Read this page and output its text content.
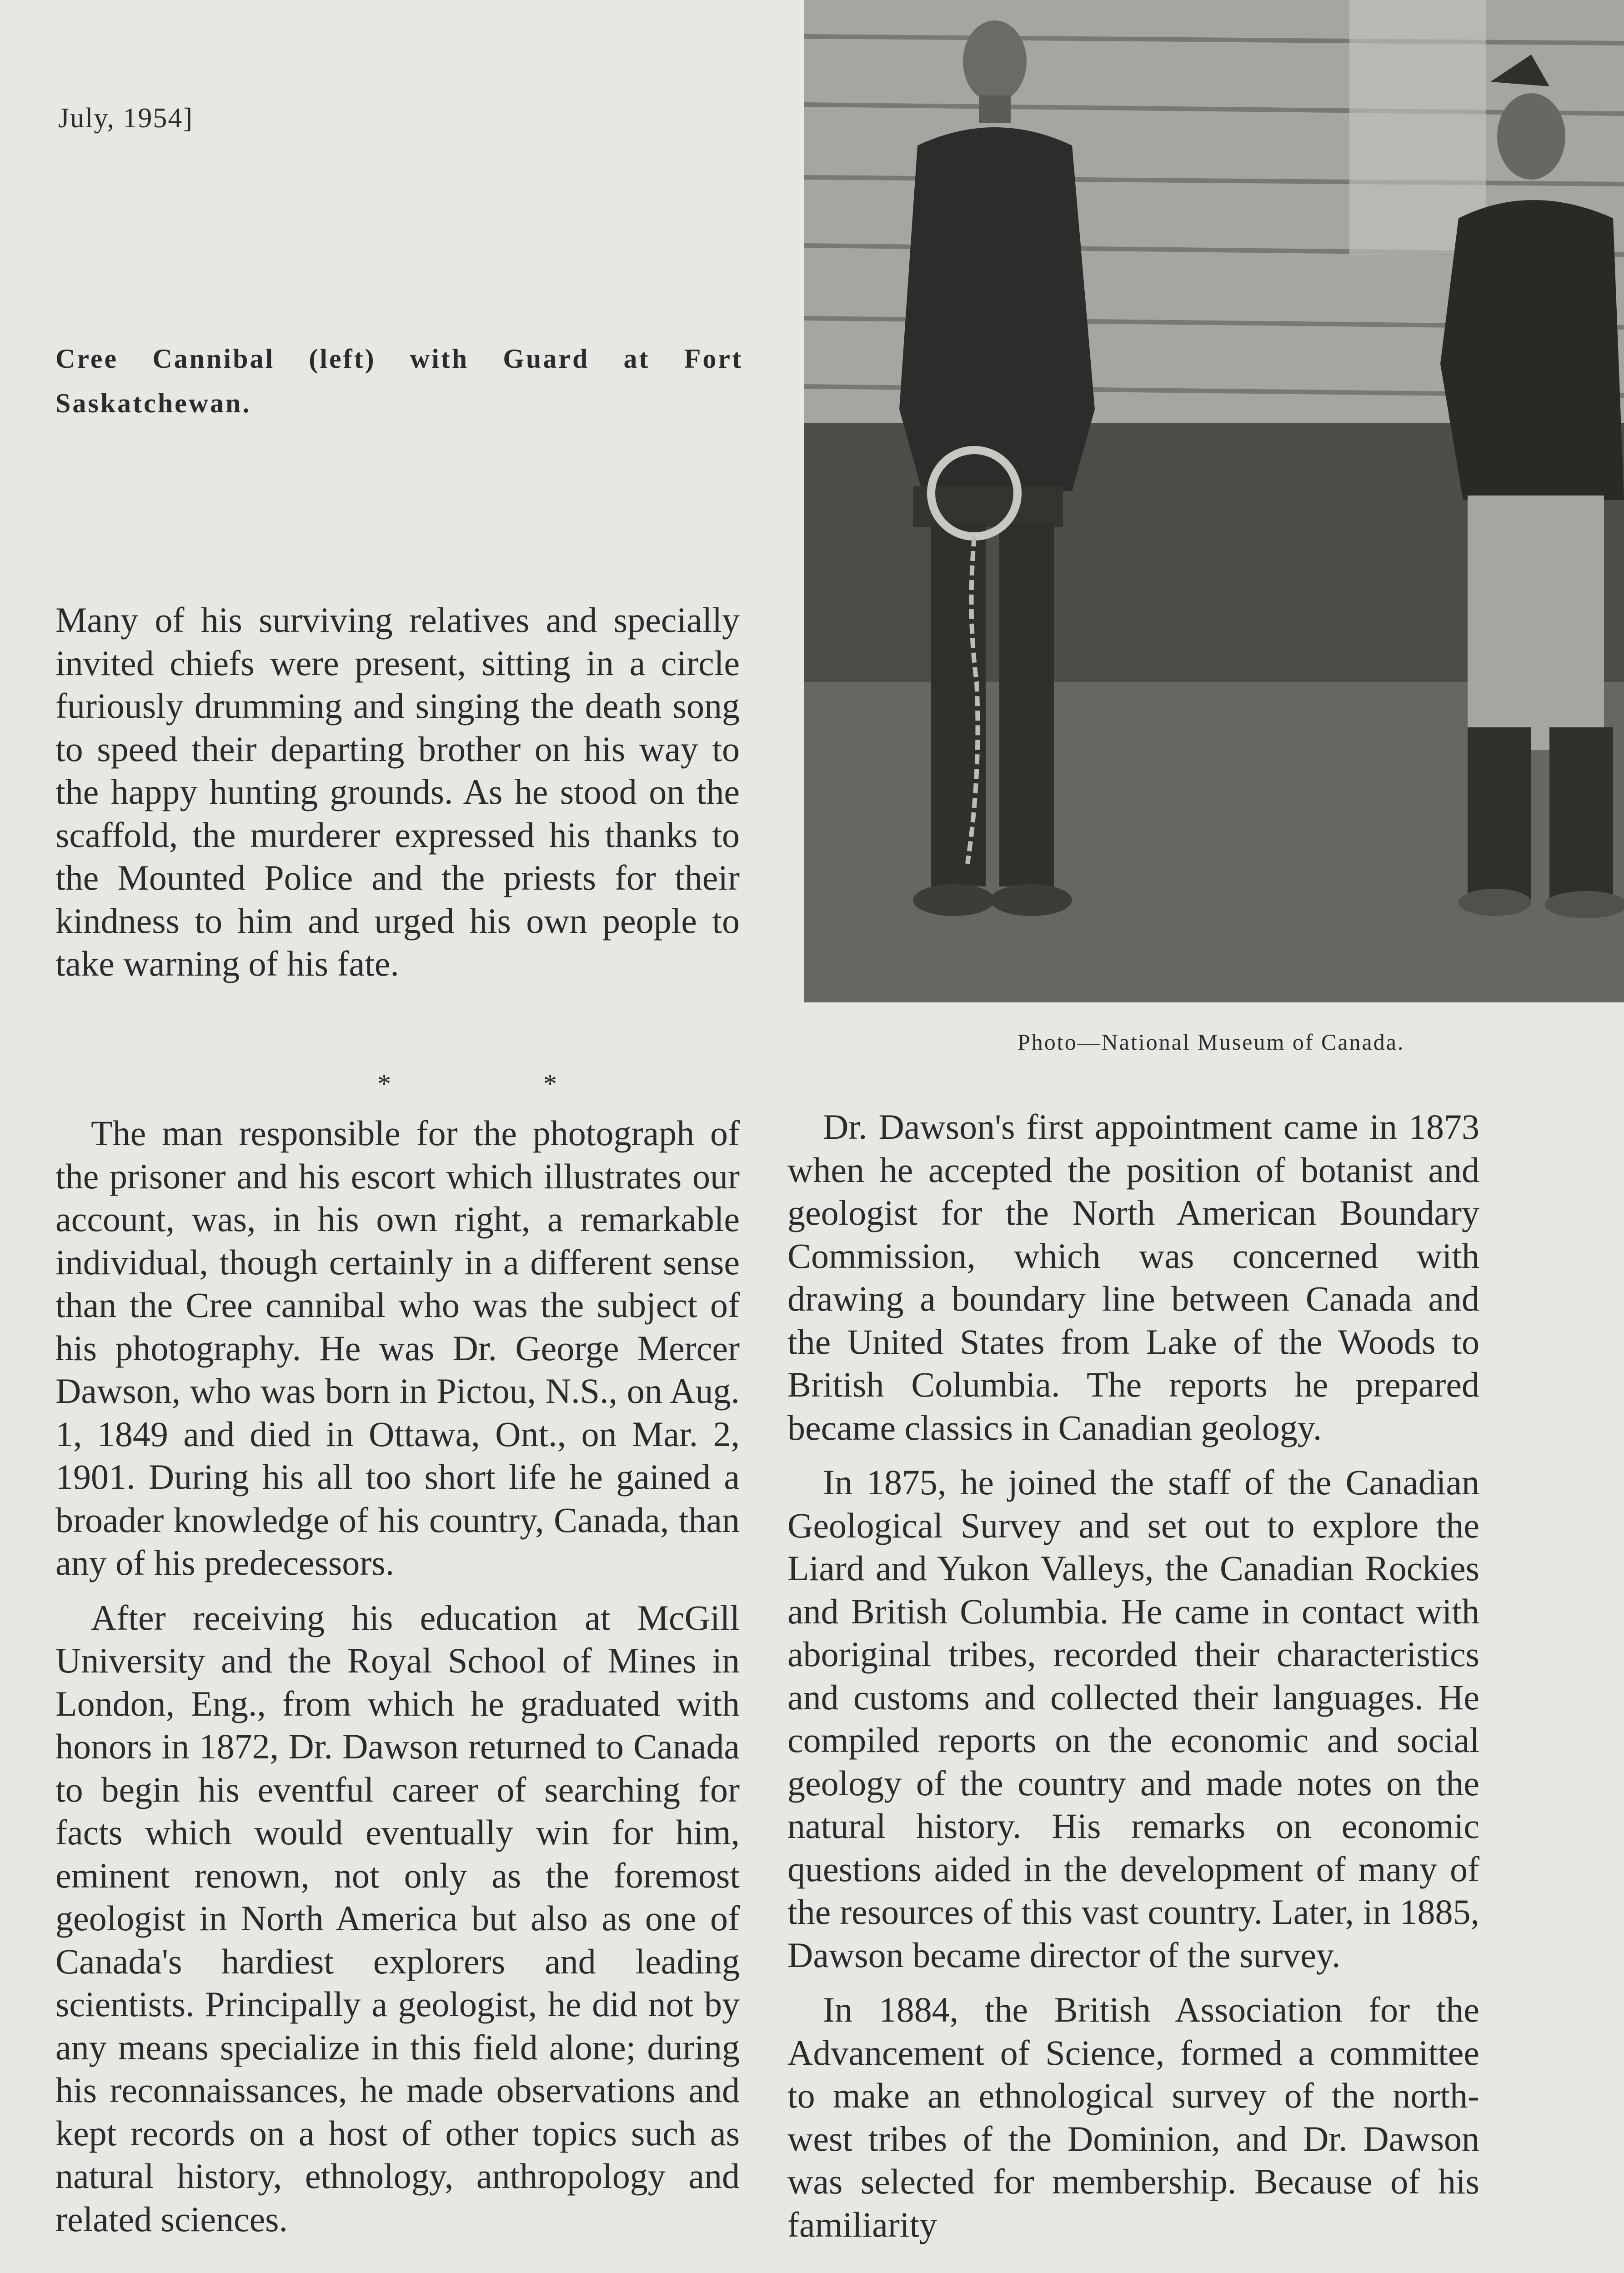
July, 1954]

Cree Cannibal (left) with Guard at Fort Saskatchewan.

Photo—National Museum of Canada.

Many of his surviving relatives and specially invited chiefs were present, sitting in a circle furiously drumming and singing the death song to speed their departing brother on his way to the happy hunting grounds. As he stood on the scaffold, the murderer expressed his thanks to the Mounted Police and the priests for their kindness to him and urged his own people to take warning of his fate.

* *

The man responsible for the photograph of the prisoner and his escort which illustrates our account, was, in his own right, a remarkable individual, though certainly in a different sense than the Cree cannibal who was the subject of his photography. He was Dr. George Mercer Dawson, who was born in Pictou, N.S., on Aug. 1, 1849 and died in Ottawa, Ont., on Mar. 2, 1901. During his all too short life he gained a broader knowledge of his country, Canada, than any of his predecessors.

After receiving his education at McGill University and the Royal School of Mines in London, Eng., from which he graduated with honors in 1872, Dr. Dawson returned to Canada to begin his eventful career of searching for facts which would eventually win for him, eminent renown, not only as the foremost geologist in North America but also as one of Canada's hardiest explorers and leading scientists. Principally a geologist, he did not by any means specialize in this field alone; during his reconnaissances, he made observations and kept records on a host of other topics such as natural history, ethnology, anthropology and related sciences.

Dr. Dawson's first appointment came in 1873 when he accepted the position of botanist and geologist for the North American Boundary Commission, which was concerned with drawing a boundary line between Canada and the United States from Lake of the Woods to British Columbia. The reports he prepared became classics in Canadian geology.

In 1875, he joined the staff of the Canadian Geological Survey and set out to explore the Liard and Yukon Valleys, the Canadian Rockies and British Columbia. He came in contact with aboriginal tribes, recorded their characteristics and customs and collected their languages. He compiled reports on the economic and social geology of the country and made notes on the natural history. His remarks on economic questions aided in the development of many of the resources of this vast country. Later, in 1885, Dawson became director of the survey.

In 1884, the British Association for the Advancement of Science, formed a committee to make an ethnological survey of the north-west tribes of the Dominion, and Dr. Dawson was selected for membership. Because of his familiarity
